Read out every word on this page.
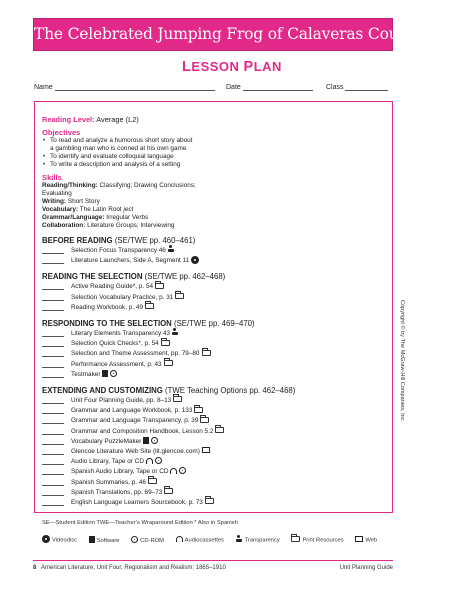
The Celebrated Jumping Frog of Calaveras County
LESSON PLAN
Name	Date	Class
Reading Level: Average (L2)
Objectives
• To read and analyze a humorous short story about
a gambling man who is conned at his own game
• To identify and evaluate colloquial language
• To write a description and analysis of a setting
Skills
Reading/Thinking: Classifying; Drawing Conclusions;
Evaluating
Writing: Short Story
Vocabulary: The Latin Root ject
Grammar/Language: Irregular Verbs
Collaboration: Literature Groups; Interviewing
BEFORE READING (SE/TWE pp. 460–461)
Selection Focus Transparency 46
Literature Launchers, Side A, Segment 11
READING THE SELECTION (SE/TWE pp. 462–468)
Active Reading Guide*, p. 54
Selection Vocabulary Practice, p. 31
Reading Workbook, p. 49
RESPONDING TO THE SELECTION (SE/TWE pp. 469–470)
Literary Elements Transparency 43
Selection Quick Checks*, p. 54
Selection and Theme Assessment, pp. 79–80
Performance Assessment, p. 43
Testmaker
EXTENDING AND CUSTOMIZING (TWE Teaching Options pp. 462–468)
Unit Four Planning Guide, pp. 8–13
Grammar and Language Workbook, p. 133
Grammar and Language Transparency, p. 39
Grammar and Composition Handbook, Lesson 5.2
Vocabulary PuzzleMaker
Glencoe Literature Web Site (lit.glencoe.com)
Audio Library, Tape or CD
Spanish Audio Library, Tape or CD
Spanish Summaries, p. 46
Spanish Translations, pp. 69–73
English Language Learners Sourcebook, p. 73
SE—Student Edition TWE—Teacher’s Wraparound Edition * Also in Spanish
Videodisc	Software	CD-ROM	Audiocassettes	Transparency	Print Resources	Web
Copyright © by The McGraw-Hill Companies, Inc.
8 American Literature, Unit Four, Regionalism and Realism: 1865–1910	Unit Planning Guide
